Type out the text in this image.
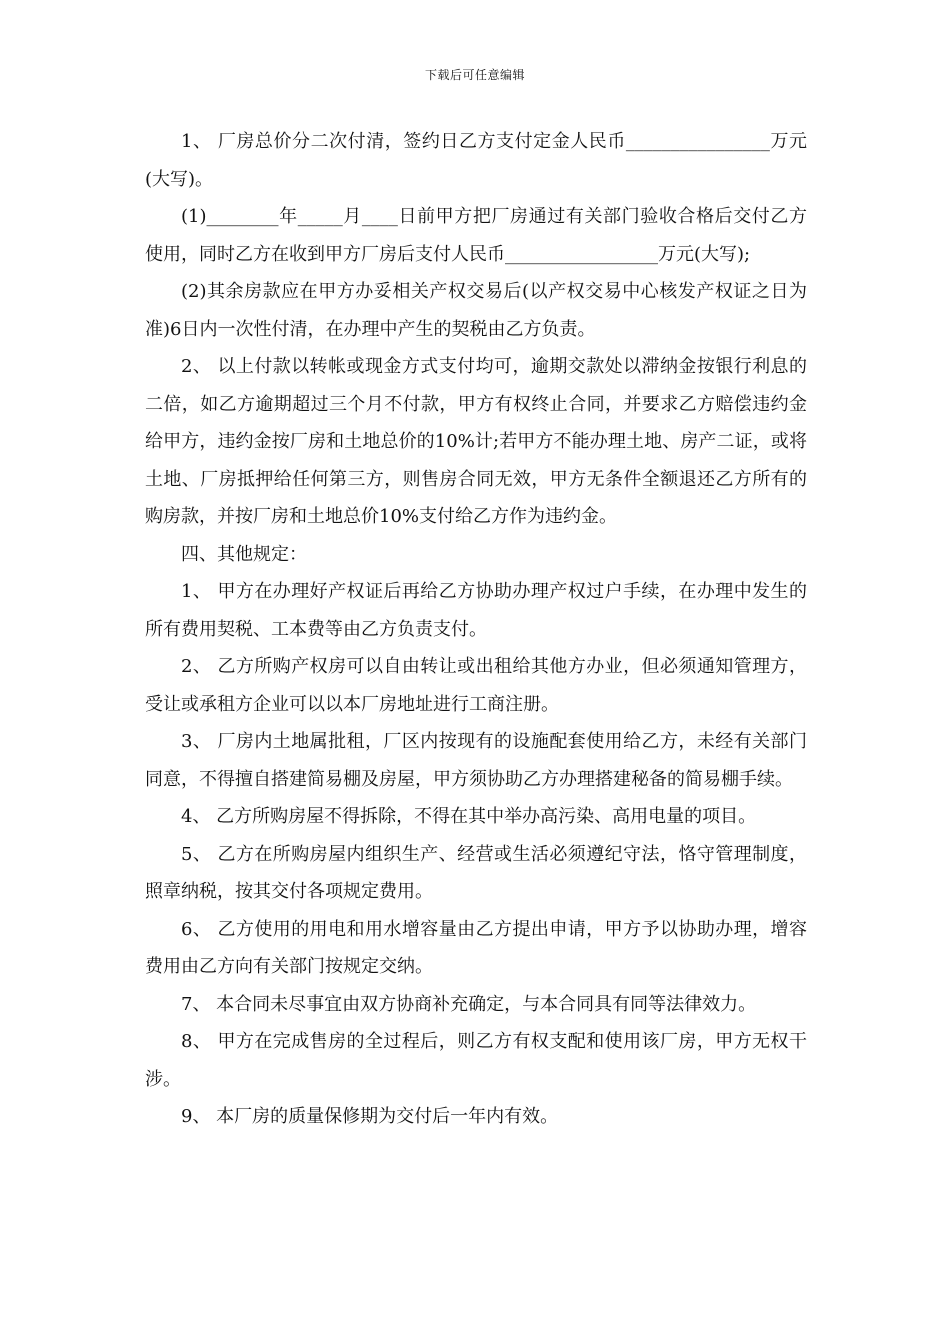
下载后可任意编辑

1、 厂房总价分二次付清，签约日乙方支付定金人民币________________万元(大写)。

(1)________年_____月____日前甲方把厂房通过有关部门验收合格后交付乙方使用，同时乙方在收到甲方厂房后支付人民币_________________万元(大写);

(2)其余房款应在甲方办妥相关产权交易后(以产权交易中心核发产权证之日为准)6日内一次性付清，在办理中产生的契税由乙方负责。

2、 以上付款以转帐或现金方式支付均可，逾期交款处以滞纳金按银行利息的二倍，如乙方逾期超过三个月不付款，甲方有权终止合同，并要求乙方赔偿违约金给甲方，违约金按厂房和土地总价的10%计;若甲方不能办理土地、房产二证，或将土地、厂房抵押给任何第三方，则售房合同无效，甲方无条件全额退还乙方所有的购房款，并按厂房和土地总价10%支付给乙方作为违约金。

四、其他规定：

1、 甲方在办理好产权证后再给乙方协助办理产权过户手续，在办理中发生的所有费用契税、工本费等由乙方负责支付。

2、 乙方所购产权房可以自由转让或出租给其他方办业，但必须通知管理方，受让或承租方企业可以以本厂房地址进行工商注册。

3、 厂房内土地属批租，厂区内按现有的设施配套使用给乙方，未经有关部门同意，不得擅自搭建简易棚及房屋，甲方须协助乙方办理搭建秘备的简易棚手续。

4、 乙方所购房屋不得拆除，不得在其中举办高污染、高用电量的项目。

5、 乙方在所购房屋内组织生产、经营或生活必须遵纪守法，恪守管理制度，照章纳税，按其交付各项规定费用。

6、 乙方使用的用电和用水增容量由乙方提出申请，甲方予以协助办理，增容费用由乙方向有关部门按规定交纳。

7、 本合同未尽事宜由双方协商补充确定，与本合同具有同等法律效力。

8、 甲方在完成售房的全过程后，则乙方有权支配和使用该厂房，甲方无权干涉。

9、 本厂房的质量保修期为交付后一年内有效。
